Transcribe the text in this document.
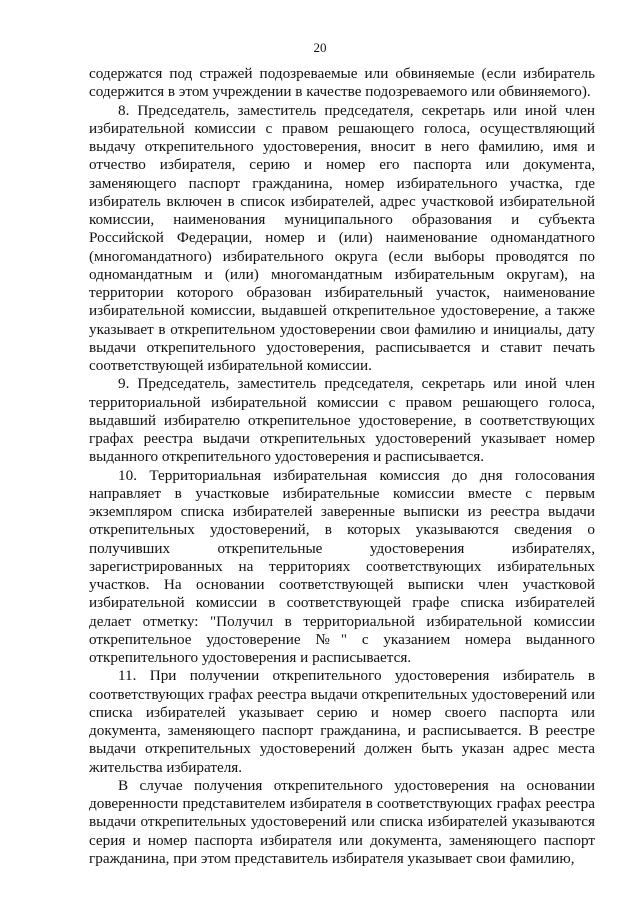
20

содержатся под стражей подозреваемые или обвиняемые (если избиратель содержится в этом учреждении в качестве подозреваемого или обвиняемого).

8. Председатель, заместитель председателя, секретарь или иной член избирательной комиссии с правом решающего голоса, осуществляющий выдачу открепительного удостоверения, вносит в него фамилию, имя и отчество избирателя, серию и номер его паспорта или документа, заменяющего паспорт гражданина, номер избирательного участка, где избиратель включен в список избирателей, адрес участковой избирательной комиссии, наименования муниципального образования и субъекта Российской Федерации, номер и (или) наименование одномандатного (многомандатного) избирательного округа (если выборы проводятся по одномандатным и (или) многомандатным избирательным округам), на территории которого образован избирательный участок, наименование избирательной комиссии, выдавшей открепительное удостоверение, а также указывает в открепительном удостоверении свои фамилию и инициалы, дату выдачи открепительного удостоверения, расписывается и ставит печать соответствующей избирательной комиссии.

9. Председатель, заместитель председателя, секретарь или иной член территориальной избирательной комиссии с правом решающего голоса, выдавший избирателю открепительное удостоверение, в соответствующих графах реестра выдачи открепительных удостоверений указывает номер выданного открепительного удостоверения и расписывается.

10. Территориальная избирательная комиссия до дня голосования направляет в участковые избирательные комиссии вместе с первым экземпляром списка избирателей заверенные выписки из реестра выдачи открепительных удостоверений, в которых указываются сведения о получивших открепительные удостоверения избирателях, зарегистрированных на территориях соответствующих избирательных участков. На основании соответствующей выписки член участковой избирательной комиссии в соответствующей графе списка избирателей делает отметку: "Получил в территориальной избирательной комиссии открепительное удостоверение №" с указанием номера выданного открепительного удостоверения и расписывается.

11. При получении открепительного удостоверения избиратель в соответствующих графах реестра выдачи открепительных удостоверений или списка избирателей указывает серию и номер своего паспорта или документа, заменяющего паспорт гражданина, и расписывается. В реестре выдачи открепительных удостоверений должен быть указан адрес места жительства избирателя.

В случае получения открепительного удостоверения на основании доверенности представителем избирателя в соответствующих графах реестра выдачи открепительных удостоверений или списка избирателей указываются серия и номер паспорта избирателя или документа, заменяющего паспорт гражданина, при этом представитель избирателя указывает свои фамилию,
